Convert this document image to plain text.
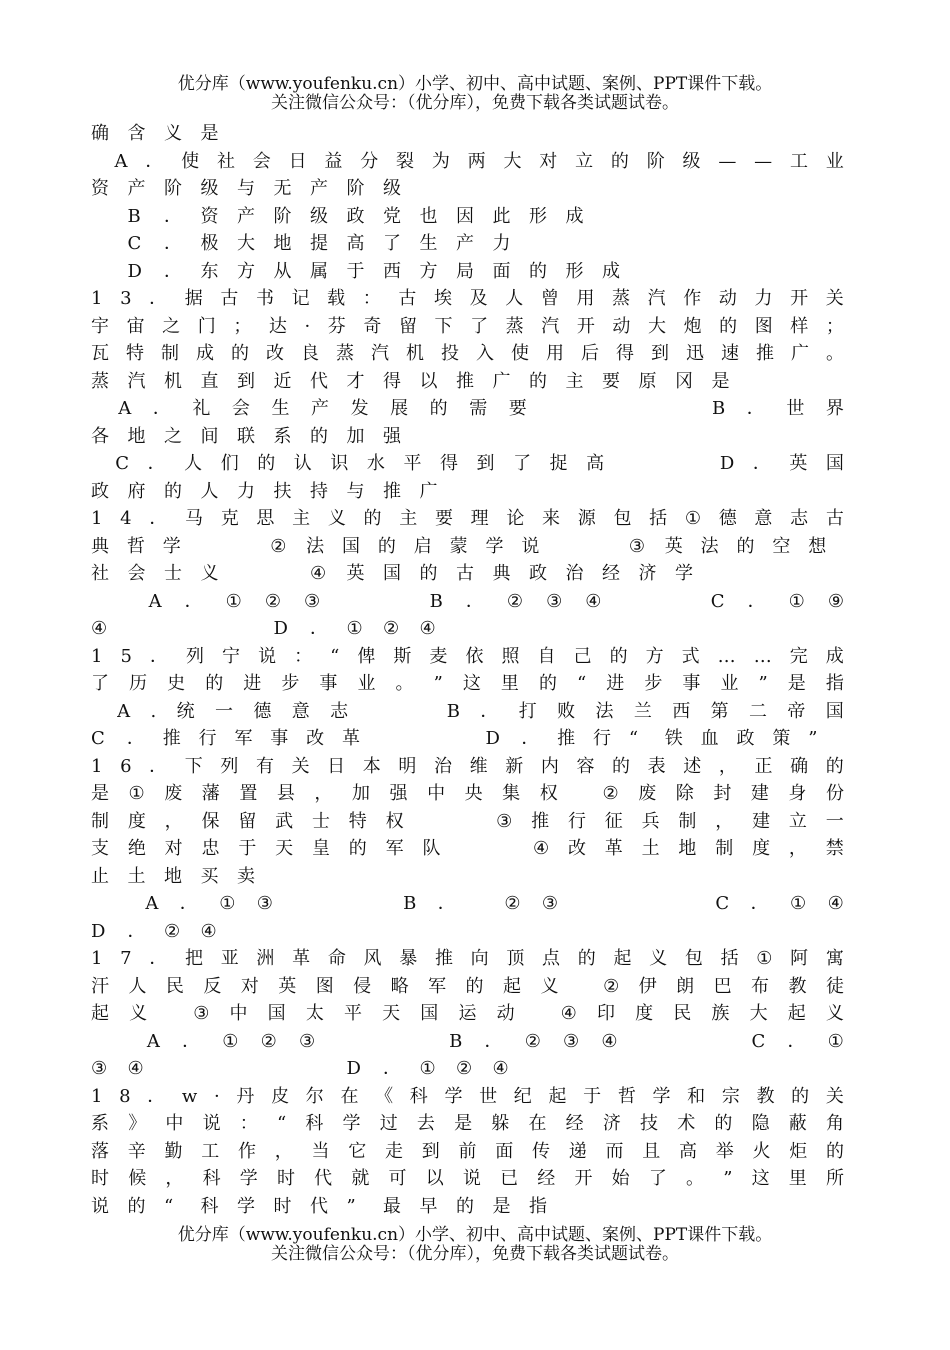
优分库（www.youfenku.cn）小学、初中、高中试题、案例、PPT课件下载。
关注微信公众号：（优分库），免费下载各类试题试卷。
确	含	义	是

A ． 使 社 会 日 益 分 裂 为 两 大 对 立 的 阶 级 — — 工 业
资	产	阶	级	与	无	产	阶	级

B	．	资	产	阶	级	政	党	也	因	此	形	成

C	．	极	大	地	提	高	了	生	产	力

D	．	东	方	从	属	于	西	方	局	面	的	形	成
1 3 ． 据 古 书 记 载 ： 古 埃 及 人 曾 用 蒸 汽 作 动 力 开 关
宇 宙 之 门 ； 达 · 芬 奇 留 下 了 蒸 汽 开 动 大 炮 的 图 样 ；
瓦 特 制 成 的 改 良 蒸 汽 机 投 入 使 用 后 得 到 迅 速 推 广 。
蒸	汽	机	直	到	近	代	才	得	以	推	广	的	主	要	原	冈	是

A ． 礼 会 生 产 发 展 的 需 要

	B ． 世 界
各	地	之	间	联	系	的	加	强

C ． 人 们 的 认 识 水 平 得 到 了 捉 高

	D ． 英 国
政	府	的	人	力	扶	持	与	推	广
1 4 ． 马 克 思 主 义 的 主 要 理 论 来 源 包 括 ① 德 意 志 古
典 哲 学

	②	法 国 的 启 蒙 学 说

	③	英 法 的 空 想
社	会	士	义

	④	英	国	的	古	典	政	治	经	济	学

A ． ① ② ③

	B ． ② ③ ④

	C ． ① ⑨
④

	D	．	①	②	④
1 5 ． 列 宁 说 ： “ 俾 斯 麦 依 照 自 己 的 方 式 … … 完 成
了 历 史 的 进 步 事 业 。 ” 这 里 的 “ 进 步 事 业 ” 是 指

A . 统 一 德 意 志

	B ． 打 败 法 兰 西 第 二 帝 国
C	． 推 行 军 事 改 革

	D	． 推 行 “	铁 血 政 策 ”
1 6 ． 下 列 有 关 日 本 明 治 维 新 内 容 的 表 述 ， 正 确 的
是 ① 废 藩 置 县 ， 加 强 中 央 集 权
② 废 除 封 建 身 份
制 度 ， 保 留 武 士 特 权

	③ 推 行 征 兵 制 ， 建 立 一
支 绝 对 忠 于 天 皇 的 军 队

	④ 改 革 土 地 制 度 ， 禁
止	土	地	买	卖

A ． ① ③

	B ．
	② ③

	C ． ① ④
D	．	②	④
1 7 ． 把 亚 洲 革 命 风 暴 推 向 顶 点 的 起 义 包 括 ① 阿 寓
汗 人 民 反 对 英 图 侵 略 军 的 起 义
② 伊 朗 巴 布 教 徒
起 义
	③ 中 国 太 平 天 国 运 动
	④ 印 度 民 族 大 起 义

A ． ① ② ③

	B ． ② ③ ④

	C ． ①
③	④

	D	．	①	②	④
1 8 ． w · 丹 皮 尔 在 《 科 学 世 纪 起 于 哲 学 和 宗 教 的 关
系 》 中 说 ： “ 科 学 过 去 是 躲 在 经 济 技 术 的 隐 蔽 角
落 辛 勤 工 作 ， 当 它 走 到 前 面 传 递 而 且 高 举 火 炬 的
时 候 ， 科 学 时 代 就 可 以 说 已 经 开 始 了 。 ” 这 里 所
说	的	“	科	学	时	代	”	最	早	的	是	指
优分库（www.youfenku.cn）小学、初中、高中试题、案例、PPT课件下载。
关注微信公众号：（优分库），免费下载各类试题试卷。
